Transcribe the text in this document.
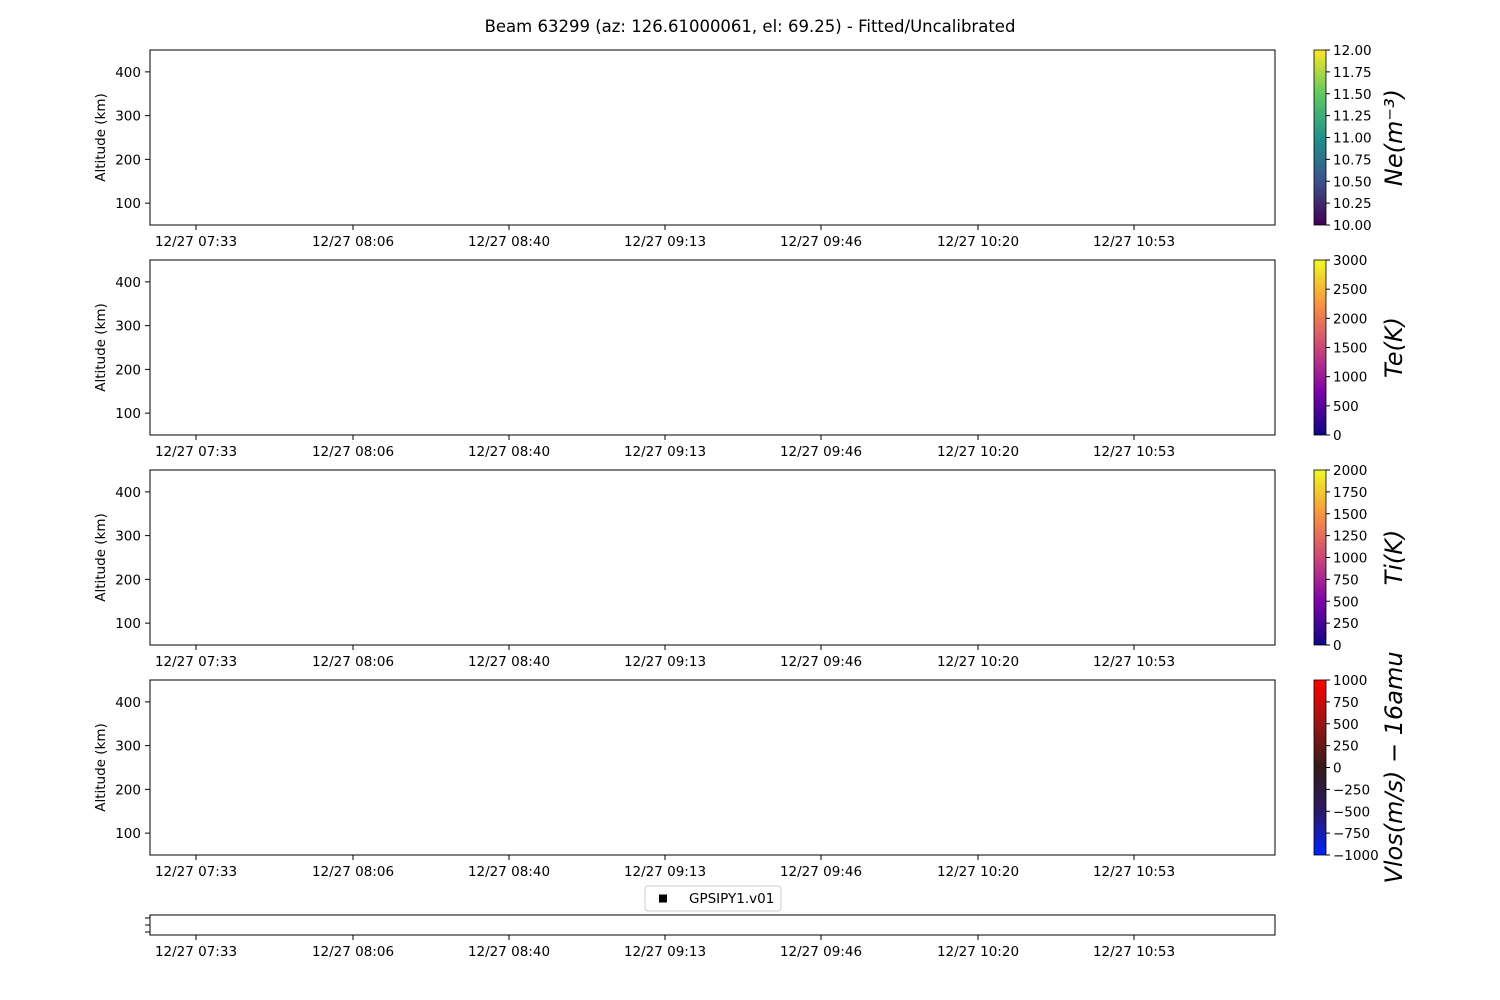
Beam 63299 (az: 126.61000061, el: 69.25) - Fitted/Uncalibrated
100
200
300
400
Altitude (km)
12/27 07:33	12/27 08:06	12/27 08:40	12/27 09:13	12/27 09:46	12/27 10:20	12/27 10:53
10.00
10.25
10.50
10.75
11.00
11.25
11.50
11.75
12.00
Ne(m⁻³)
100
200
300
400
Altitude (km)
12/27 07:33	12/27 08:06	12/27 08:40	12/27 09:13	12/27 09:46	12/27 10:20	12/27 10:53
0
500
1000
1500
2000
2500
3000
Te(K)
100
200
300
400
Altitude (km)
12/27 07:33	12/27 08:06	12/27 08:40	12/27 09:13	12/27 09:46	12/27 10:20	12/27 10:53
0
250
500
750
1000
1250
1500
1750
2000
Ti(K)
100
200
300
400
Altitude (km)
12/27 07:33	12/27 08:06	12/27 08:40	12/27 09:13	12/27 09:46	12/27 10:20	12/27 10:53
−1000
−750
−500
−250
0
250
500
750
1000 Vlos(m/s) − 16amu
12/27 07:33	12/27 08:06	12/27 08:40	12/27 09:13	12/27 09:46	12/27 10:20	12/27 10:53
GPSIPY1.v01
